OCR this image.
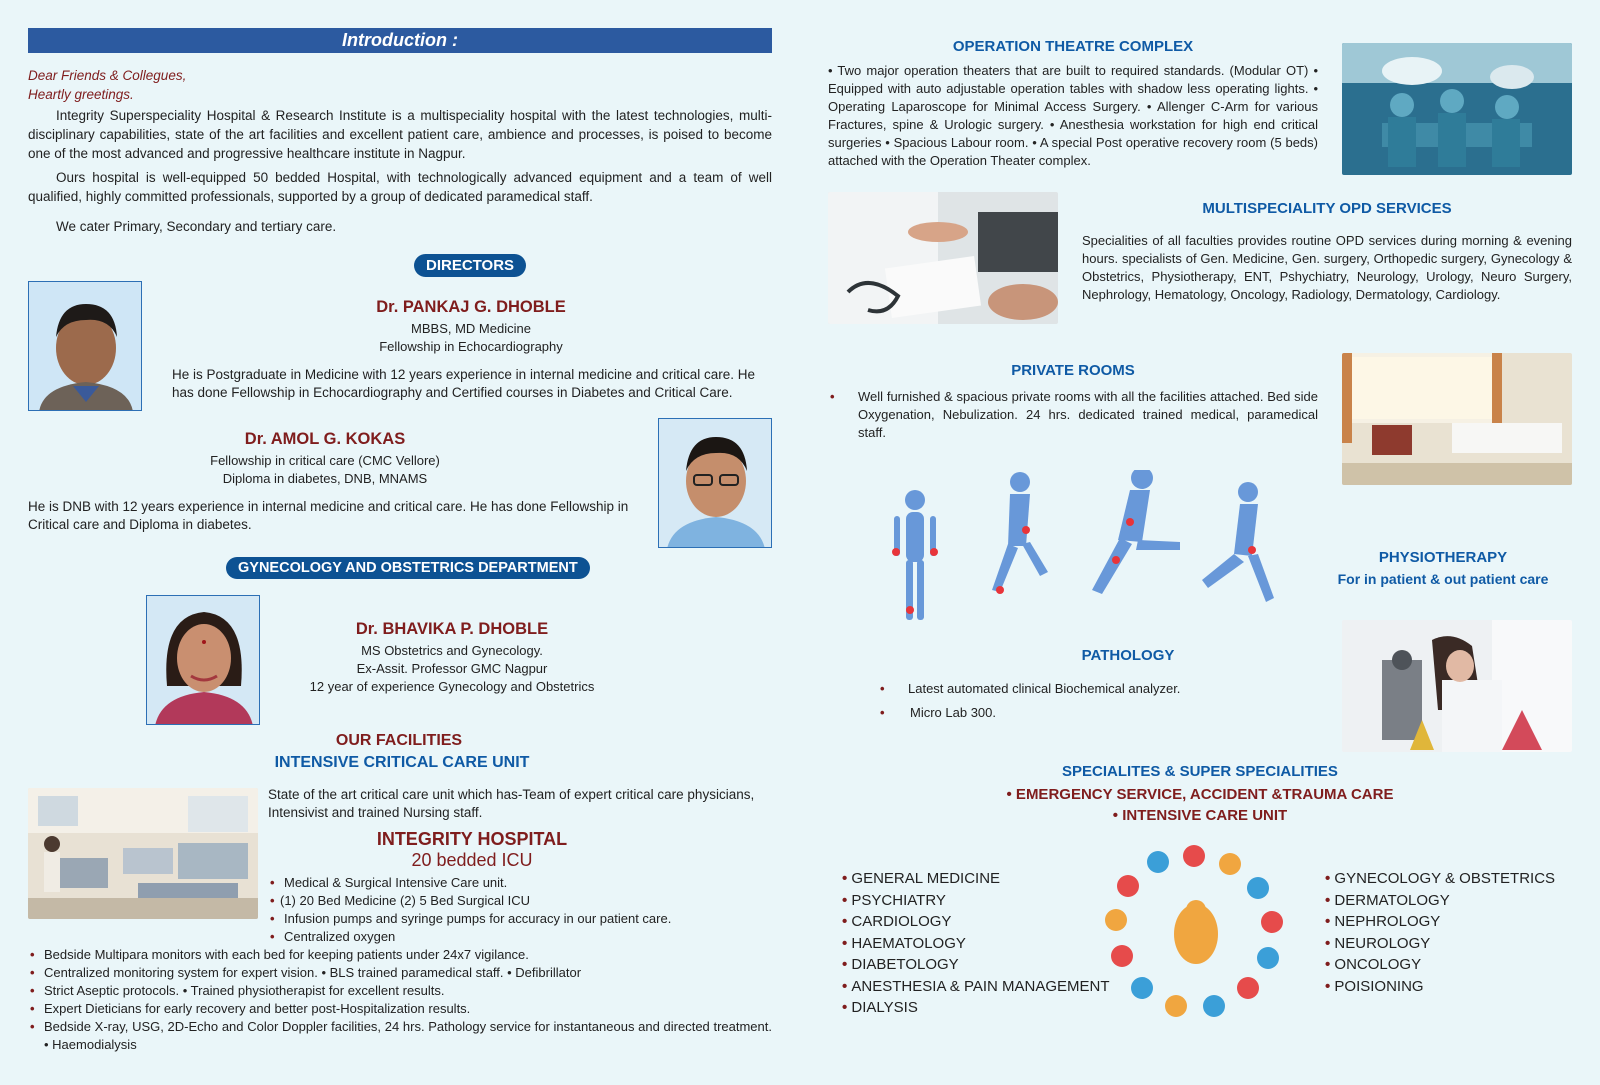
Introduction :
Dear Friends & Collegues,
Heartly greetings.
Integrity Superspeciality Hospital & Research Institute is a multispeciality hospital with the latest technologies, multi-disciplinary capabilities, state of the art facilities and excellent patient care, ambience and processes, is poised to become one of the most advanced and progressive healthcare institute in Nagpur.
Ours hospital is well-equipped 50 bedded Hospital, with technologically advanced equipment and a team of well qualified, highly committed professionals, supported by a group of dedicated paramedical staff.
We cater Primary, Secondary and tertiary care.
DIRECTORS
Dr. PANKAJ G. DHOBLE
MBBS, MD Medicine
Fellowship in Echocardiography
He is Postgraduate in Medicine with 12 years experience in internal medicine and critical care. He has done Fellowship in Echocardiography and Certified courses in Diabetes and Critical Care.
Dr. AMOL G. KOKAS
Fellowship in critical care (CMC Vellore)
Diploma in diabetes, DNB, MNAMS
He is DNB with 12 years experience in internal medicine and critical care. He has done Fellowship in Critical care and Diploma in diabetes.
GYNECOLOGY AND OBSTETRICS DEPARTMENT
Dr. BHAVIKA P. DHOBLE
MS Obstetrics and Gynecology.
Ex-Assit. Professor GMC Nagpur
12 year of experience Gynecology and Obstetrics
OUR FACILITIES
INTENSIVE CRITICAL CARE UNIT
State of the art critical care unit which has-Team of expert critical care physicians, Intensivist and trained Nursing staff.
INTEGRITY HOSPITAL
20 bedded ICU
• Medical & Surgical Intensive Care unit.
• (1) 20 Bed Medicine (2) 5 Bed Surgical ICU
• Infusion pumps and syringe pumps for accuracy in our patient care.
• Centralized oxygen
• Bedside Multipara monitors with each bed for keeping patients under 24x7 vigilance.
• Centralized monitoring system for expert vision. • BLS trained paramedical staff. • Defibrillator
• Strict Aseptic protocols. • Trained physiotherapist for excellent results.
• Expert Dieticians for early recovery and better post-Hospitalization results.
• Bedside X-ray, USG, 2D-Echo and Color Doppler facilities, 24 hrs. Pathology service for instantaneous and directed treatment. • Haemodialysis
OPERATION THEATRE COMPLEX
• Two major operation theaters that are built to required standards. (Modular OT) • Equipped with auto adjustable operation tables with shadow less operating lights. • Operating Laparoscope for Minimal Access Surgery. • Allenger C-Arm for various Fractures, spine & Urologic surgery. • Anesthesia workstation for high end critical surgeries • Spacious Labour room. • A special Post operative recovery room (5 beds) attached with the Operation Theater complex.
MULTISPECIALITY OPD SERVICES
Specialities of all faculties provides routine OPD services during morning & evening hours. specialists of Gen. Medicine, Gen. surgery, Orthopedic surgery, Gynecology & Obstetrics, Physiotherapy, ENT, Pshychiatry, Neurology, Urology, Neuro Surgery, Nephrology, Hematology, Oncology, Radiology, Dermatology, Cardiology.
PRIVATE ROOMS
• Well furnished & spacious private rooms with all the facilities attached. Bed side Oxygenation, Nebulization. 24 hrs. dedicated trained medical, paramedical staff.
PHYSIOTHERAPY
For in patient & out patient care
PATHOLOGY
• Latest automated clinical Biochemical analyzer.
• Micro Lab 300.
SPECIALITES & SUPER SPECIALITIES
• EMERGENCY SERVICE, ACCIDENT &TRAUMA CARE
• INTENSIVE CARE UNIT
• GENERAL MEDICINE
• PSYCHIATRY
• CARDIOLOGY
• HAEMATOLOGY
• DIABETOLOGY
• ANESTHESIA & PAIN MANAGEMENT
• DIALYSIS
• GYNECOLOGY & OBSTETRICS
• DERMATOLOGY
• NEPHROLOGY
• NEUROLOGY
• ONCOLOGY
• POISIONING
